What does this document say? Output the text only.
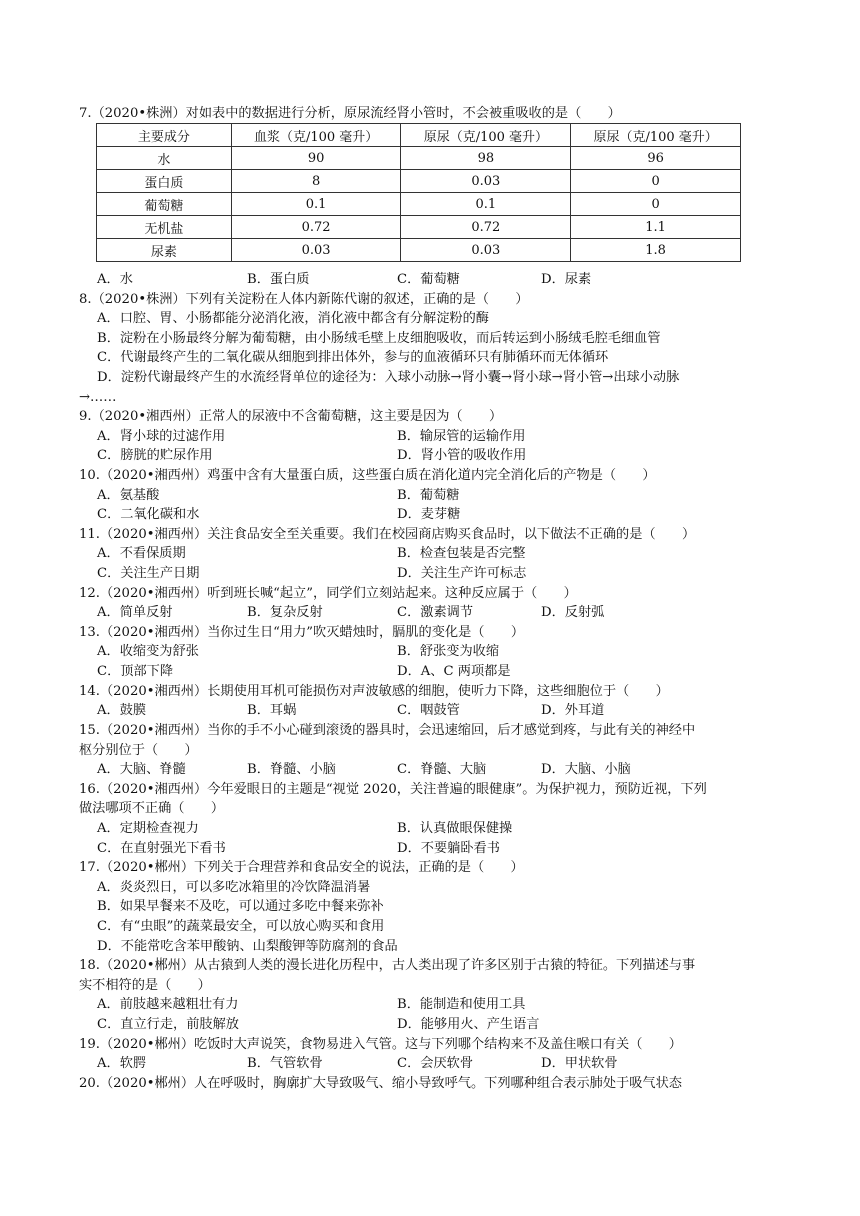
7.（2020•株洲）对如表中的数据进行分析，原尿流经肾小管时，不会被重吸收的是（　　）
主要成分	血浆（克/100 毫升）	原尿（克/100 毫升）	原尿（克/100 毫升）
水	90	98	96
蛋白质	8	0.03	0
葡萄糖	0.1	0.1	0
无机盐	0.72	0.72	1.1
尿素	0.03	0.03	1.8
A．水	B．蛋白质	C．葡萄糖	D．尿素
8.（2020•株洲）下列有关淀粉在人体内新陈代谢的叙述，正确的是（　　）
A．口腔、胃、小肠都能分泌消化液，消化液中都含有分解淀粉的酶
B．淀粉在小肠最终分解为葡萄糖，由小肠绒毛壁上皮细胞吸收，而后转运到小肠绒毛腔毛细血管
C．代谢最终产生的二氧化碳从细胞到排出体外，参与的血液循环只有肺循环而无体循环
D．淀粉代谢最终产生的水流经肾单位的途径为：入球小动脉→肾小囊→肾小球→肾小管→出球小动脉
→……
9.（2020•湘西州）正常人的尿液中不含葡萄糖，这主要是因为（　　）
A．肾小球的过滤作用	B．输尿管的运输作用
C．膀胱的贮尿作用	D．肾小管的吸收作用
10.（2020•湘西州）鸡蛋中含有大量蛋白质，这些蛋白质在消化道内完全消化后的产物是（　　）
A．氨基酸	B．葡萄糖
C．二氧化碳和水	D．麦芽糖
11.（2020•湘西州）关注食品安全至关重要。我们在校园商店购买食品时，以下做法不正确的是（　　）
A．不看保质期	B．检查包装是否完整
C．关注生产日期	D．关注生产许可标志
12.（2020•湘西州）听到班长喊“起立”，同学们立刻站起来。这种反应属于（　　）
A．简单反射	B．复杂反射	C．激素调节	D．反射弧
13.（2020•湘西州）当你过生日“用力”吹灭蜡烛时，膈肌的变化是（　　）
A．收缩变为舒张	B．舒张变为收缩
C．顶部下降	D．A、C 两项都是
14.（2020•湘西州）长期使用耳机可能损伤对声波敏感的细胞，使听力下降，这些细胞位于（　　）
A．鼓膜	B．耳蜗	C．咽鼓管	D．外耳道
15.（2020•湘西州）当你的手不小心碰到滚烫的器具时，会迅速缩回，后才感觉到疼，与此有关的神经中
枢分别位于（　　）
A．大脑、脊髓	B．脊髓、小脑	C．脊髓、大脑	D．大脑、小脑
16.（2020•湘西州）今年爱眼日的主题是“视觉 2020，关注普遍的眼健康”。为保护视力，预防近视，下列
做法哪项不正确（　　）
A．定期检查视力	B．认真做眼保健操
C．在直射强光下看书	D．不要躺卧看书
17.（2020•郴州）下列关于合理营养和食品安全的说法，正确的是（　　）
A．炎炎烈日，可以多吃冰箱里的冷饮降温消暑
B．如果早餐来不及吃，可以通过多吃中餐来弥补
C．有“虫眼”的蔬菜最安全，可以放心购买和食用
D．不能常吃含苯甲酸钠、山梨酸钾等防腐剂的食品
18.（2020•郴州）从古猿到人类的漫长进化历程中，古人类出现了许多区别于古猿的特征。下列描述与事
实不相符的是（　　）
A．前肢越来越粗壮有力	B．能制造和使用工具
C．直立行走，前肢解放	D．能够用火、产生语言
19.（2020•郴州）吃饭时大声说笑，食物易进入气管。这与下列哪个结构来不及盖住喉口有关（　　）
A．软腭	B．气管软骨	C．会厌软骨	D．甲状软骨
20.（2020•郴州）人在呼吸时，胸廓扩大导致吸气、缩小导致呼气。下列哪种组合表示肺处于吸气状态
